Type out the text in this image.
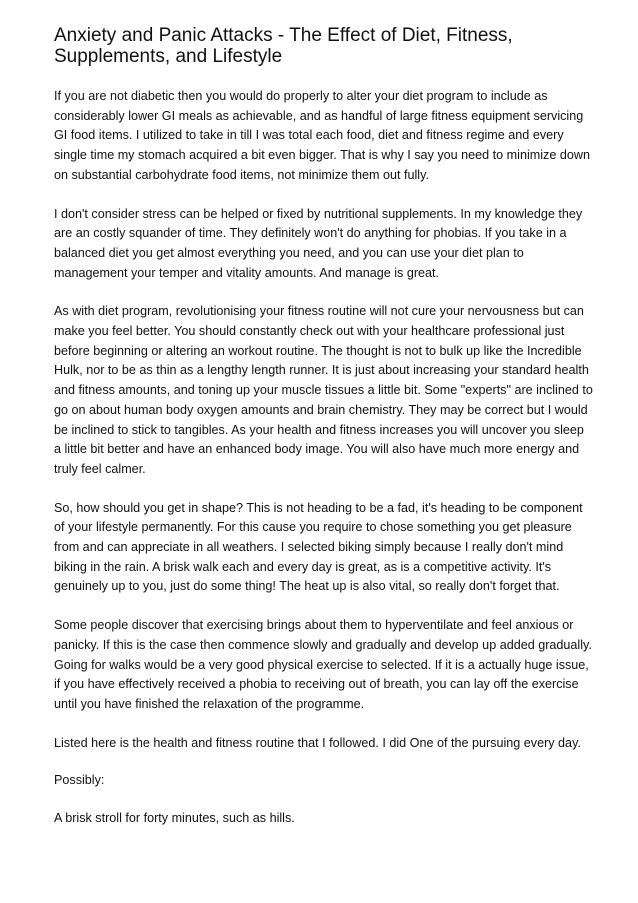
Anxiety and Panic Attacks - The Effect of Diet, Fitness, Supplements, and Lifestyle

If you are not diabetic then you would do properly to alter your diet program to include as considerably lower GI meals as achievable, and as handful of large fitness equipment servicing GI food items. I utilized to take in till I was total each food, diet and fitness regime and every single time my stomach acquired a bit even bigger. That is why I say you need to minimize down on substantial carbohydrate food items, not minimize them out fully.

I don't consider stress can be helped or fixed by nutritional supplements. In my knowledge they are an costly squander of time. They definitely won't do anything for phobias. If you take in a balanced diet you get almost everything you need, and you can use your diet plan to management your temper and vitality amounts. And manage is great.

As with diet program, revolutionising your fitness routine will not cure your nervousness but can make you feel better. You should constantly check out with your healthcare professional just before beginning or altering an workout routine. The thought is not to bulk up like the Incredible Hulk, nor to be as thin as a lengthy length runner. It is just about increasing your standard health and fitness amounts, and toning up your muscle tissues a little bit. Some "experts" are inclined to go on about human body oxygen amounts and brain chemistry. They may be correct but I would be inclined to stick to tangibles. As your health and fitness increases you will uncover you sleep a little bit better and have an enhanced body image. You will also have much more energy and truly feel calmer.

So, how should you get in shape? This is not heading to be a fad, it's heading to be component of your lifestyle permanently. For this cause you require to chose something you get pleasure from and can appreciate in all weathers. I selected biking simply because I really don't mind biking in the rain. A brisk walk each and every day is great, as is a competitive activity. It's genuinely up to you, just do some thing! The heat up is also vital, so really don't forget that.

Some people discover that exercising brings about them to hyperventilate and feel anxious or panicky. If this is the case then commence slowly and gradually and develop up added gradually. Going for walks would be a very good physical exercise to selected. If it is a actually huge issue, if you have effectively received a phobia to receiving out of breath, you can lay off the exercise until you have finished the relaxation of the programme.

Listed here is the health and fitness routine that I followed. I did One of the pursuing every day.

Possibly:

A brisk stroll for forty minutes, such as hills.
